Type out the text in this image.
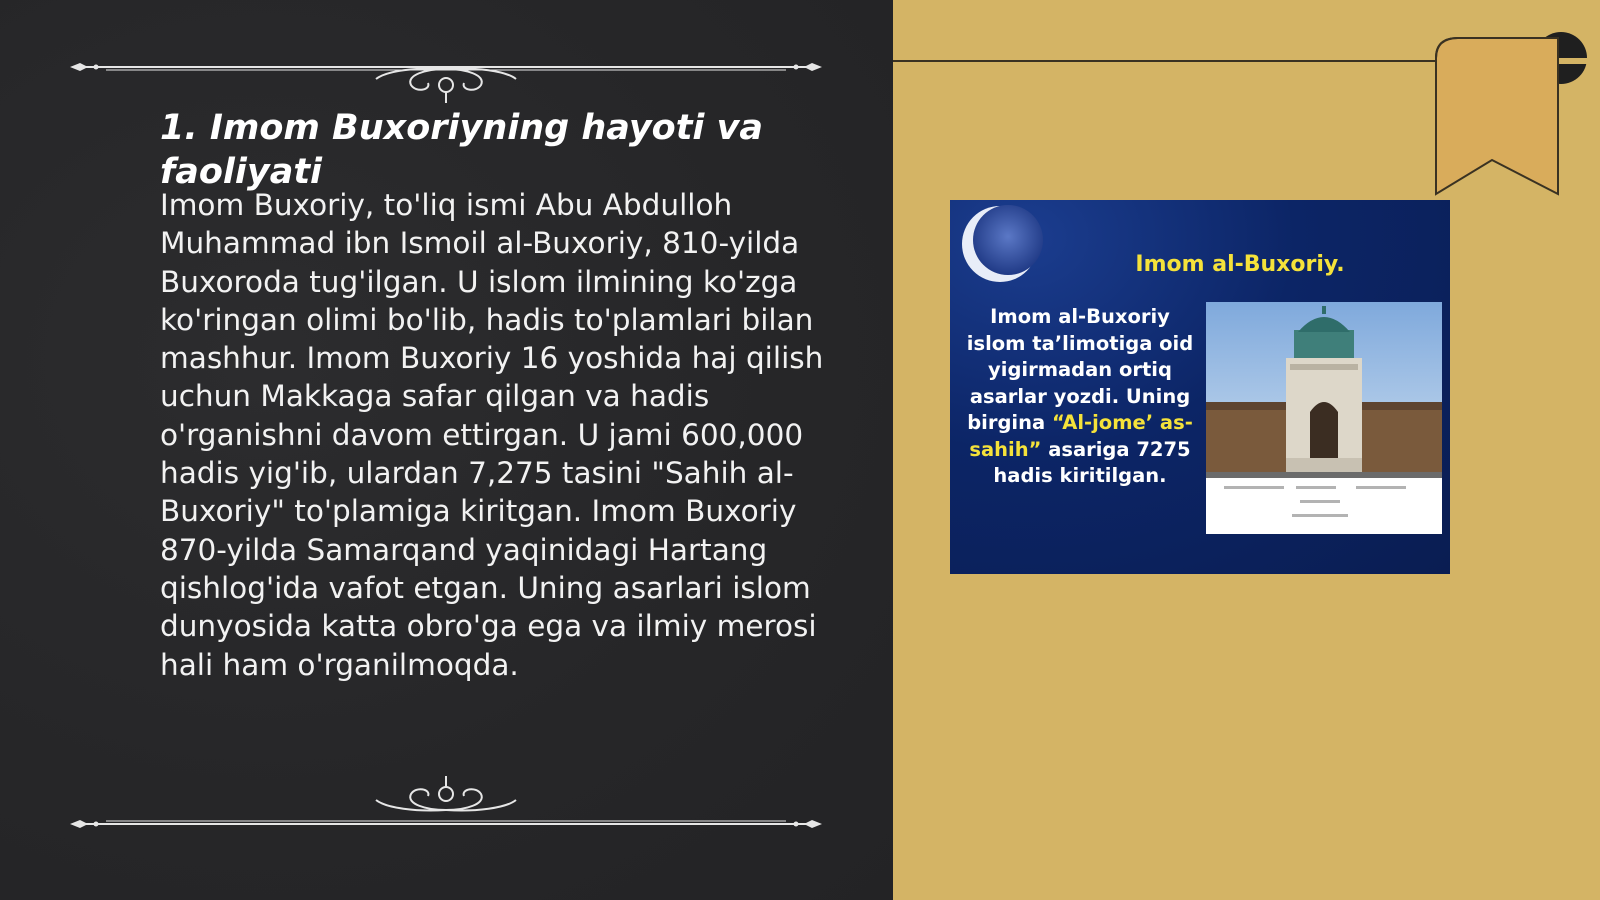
1. Imom Buxoriyning hayoti va faoliyati

Imom Buxoriy, to'liq ismi Abu Abdulloh Muhammad ibn Ismoil al-Buxoriy, 810-yilda Buxoroda tug'ilgan. U islom ilmining ko'zga ko'ringan olimi bo'lib, hadis to'plamlari bilan mashhur. Imom Buxoriy 16 yoshida haj qilish uchun Makkaga safar qilgan va hadis o'rganishni davom ettirgan. U jami 600,000 hadis yig'ib, ulardan 7,275 tasini "Sahih al-Buxoriy" to'plamiga kiritgan. Imom Buxoriy 870-yilda Samarqand yaqinidagi Hartang qishlog'ida vafot etgan. Uning asarlari islom dunyosida katta obro'ga ega va ilmiy merosi hali ham o'rganilmoqda.

Imom al-Buxoriy.
Imom al-Buxoriy islom ta’limotiga oid yigirmadan ortiq asarlar yozdi. Uning birgina “Al-jome’ as-sahih” asariga 7275 hadis kiritilgan.
